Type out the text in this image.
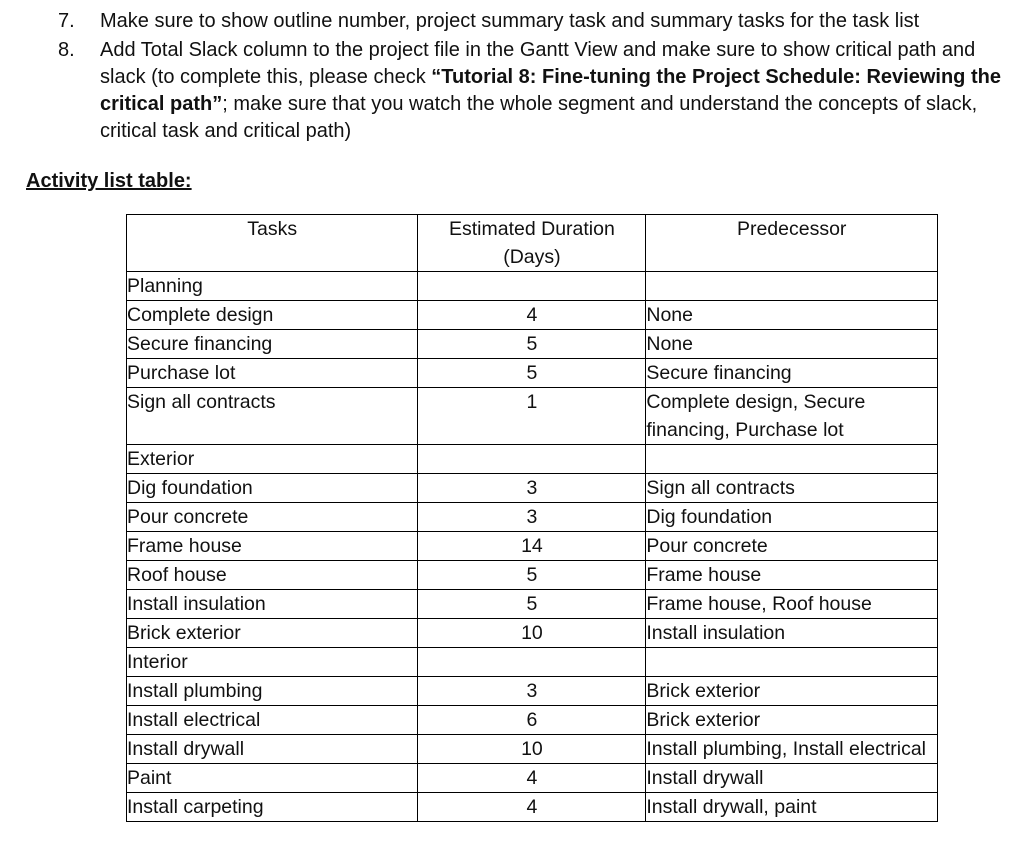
7.	Make sure to show outline number, project summary task and summary tasks for the task list
8.	Add Total Slack column to the project file in the Gantt View and make sure to show critical path and slack (to complete this, please check “Tutorial 8: Fine-tuning the Project Schedule: Reviewing the critical path”; make sure that you watch the whole segment and understand the concepts of slack, critical task and critical path)
Activity list table:
Tasks	Estimated Duration (Days)	Predecessor
Planning		
Complete design	4	None
Secure financing	5	None
Purchase lot	5	Secure financing
Sign all contracts	1	Complete design, Secure financing, Purchase lot
Exterior		
Dig foundation	3	Sign all contracts
Pour concrete	3	Dig foundation
Frame house	14	Pour concrete
Roof house	5	Frame house
Install insulation	5	Frame house, Roof house
Brick exterior	10	Install insulation
Interior		
Install plumbing	3	Brick exterior
Install electrical	6	Brick exterior
Install drywall	10	Install plumbing, Install electrical
Paint	4	Install drywall
Install carpeting	4	Install drywall, paint
